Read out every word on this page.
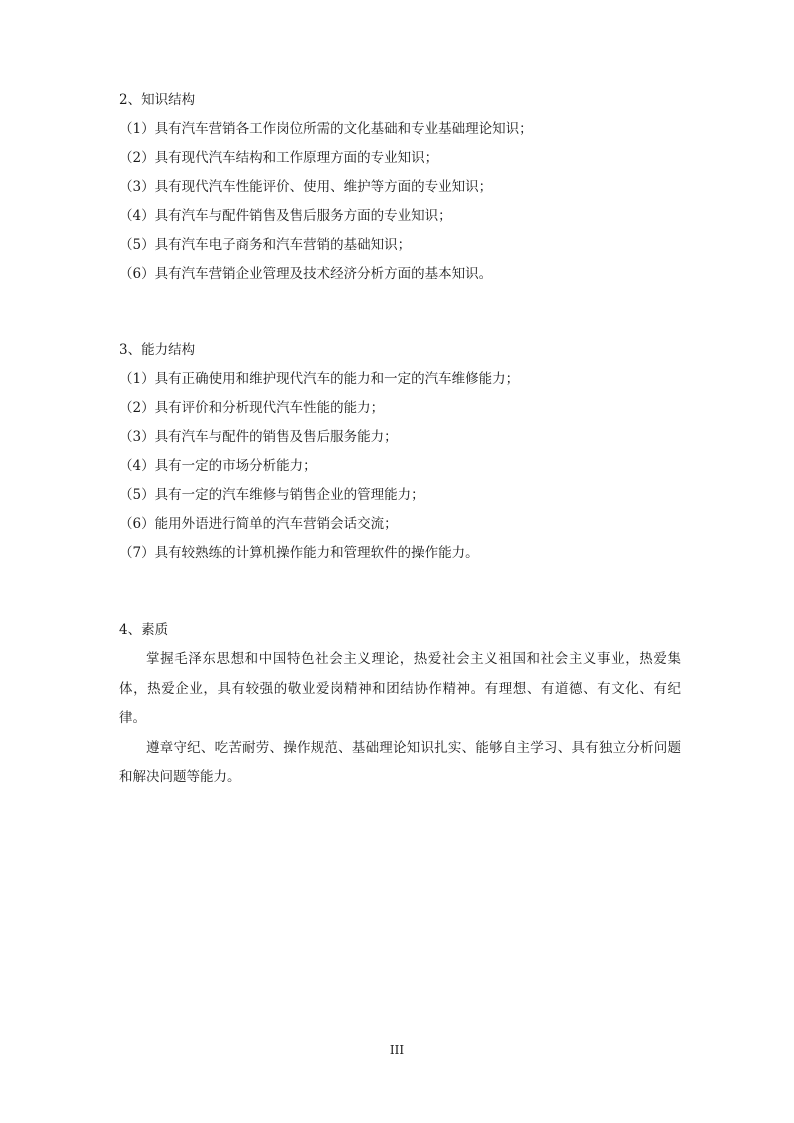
2、知识结构
（1）具有汽车营销各工作岗位所需的文化基础和专业基础理论知识；
（2）具有现代汽车结构和工作原理方面的专业知识；
（3）具有现代汽车性能评价、使用、维护等方面的专业知识；
（4）具有汽车与配件销售及售后服务方面的专业知识；
（5）具有汽车电子商务和汽车营销的基础知识；
（6）具有汽车营销企业管理及技术经济分析方面的基本知识。
3、能力结构
（1）具有正确使用和维护现代汽车的能力和一定的汽车维修能力；
（2）具有评价和分析现代汽车性能的能力；
（3）具有汽车与配件的销售及售后服务能力；
（4）具有一定的市场分析能力；
（5）具有一定的汽车维修与销售企业的管理能力；
（6）能用外语进行简单的汽车营销会话交流；
（7）具有较熟练的计算机操作能力和管理软件的操作能力。
4、素质

掌握毛泽东思想和中国特色社会主义理论，热爱社会主义祖国和社会主义事业，热爱集体，热爱企业，具有较强的敬业爱岗精神和团结协作精神。有理想、有道德、有文化、有纪律。

遵章守纪、吃苦耐劳、操作规范、基础理论知识扎实、能够自主学习、具有独立分析问题和解决问题等能力。

III
